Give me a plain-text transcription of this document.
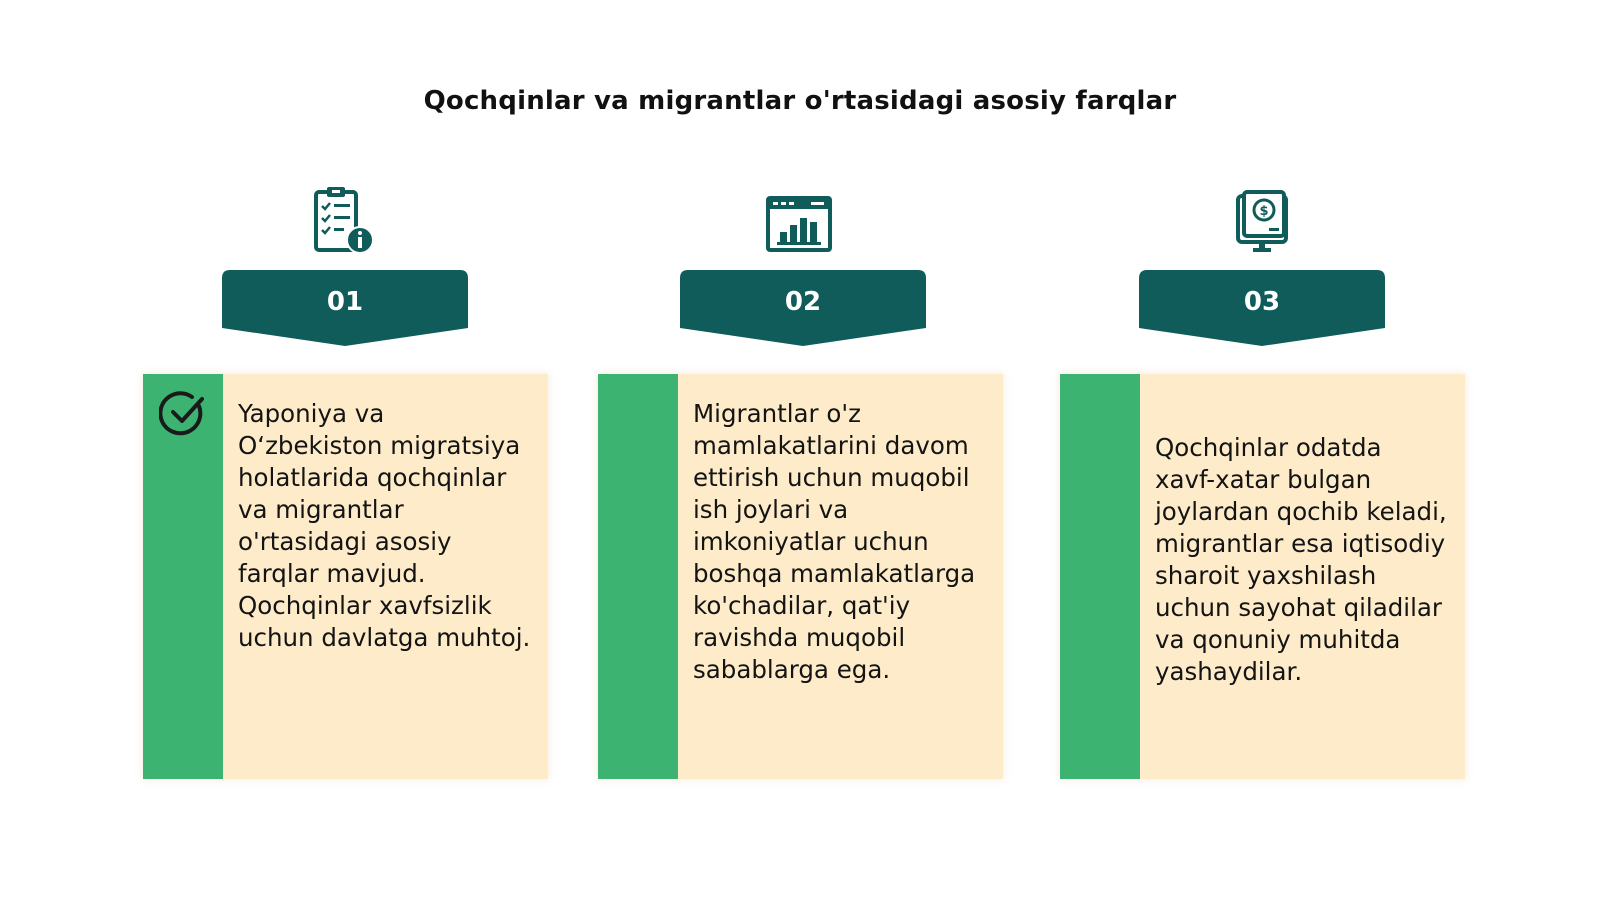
Qochqinlar va migrantlar o'rtasidagi asosiy farqlar
01
Yaponiya va O‘zbekiston migratsiya holatlarida qochqinlar va migrantlar o'rtasidagi asosiy farqlar mavjud. Qochqinlar xavfsizlik uchun davlatga muhtoj.
02
Migrantlar o'z mamlakatlarini davom ettirish uchun muqobil ish joylari va imkoniyatlar uchun boshqa mamlakatlarga ko'chadilar, qat'iy ravishda muqobil sabablarga ega.
$
03
Qochqinlar odatda xavf-xatar bulgan joylardan qochib keladi, migrantlar esa iqtisodiy sharoit yaxshilash uchun sayohat qiladilar va qonuniy muhitda yashaydilar.
